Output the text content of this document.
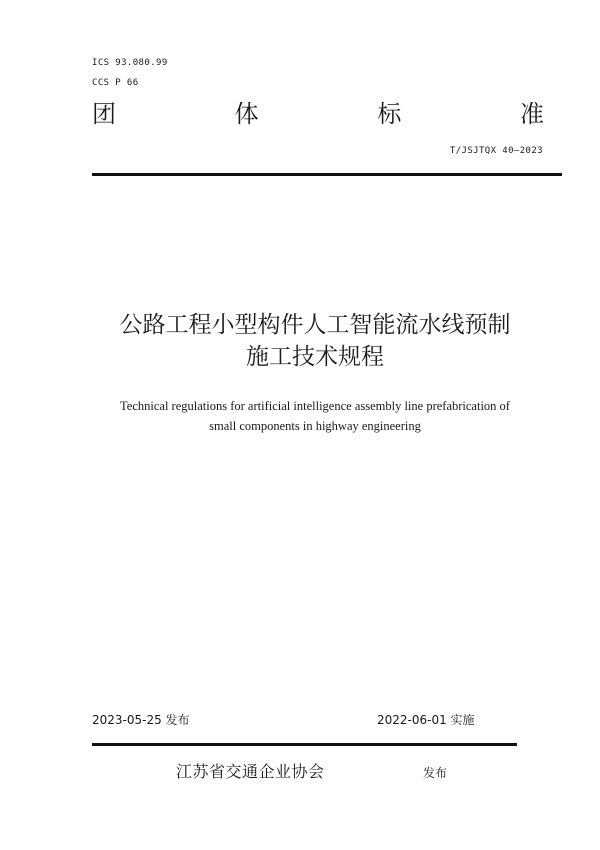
ICS 93.080.99
CCS P 66
团	体	标	准
T/JSJTQX 40—2023
公路工程小型构件人工智能流水线预制
施工技术规程
Technical regulations for artificial intelligence assembly line prefabrication of
small components in highway engineering
2023-05-25 发布	2022-06-01 实施
江苏省交通企业协会	发布
